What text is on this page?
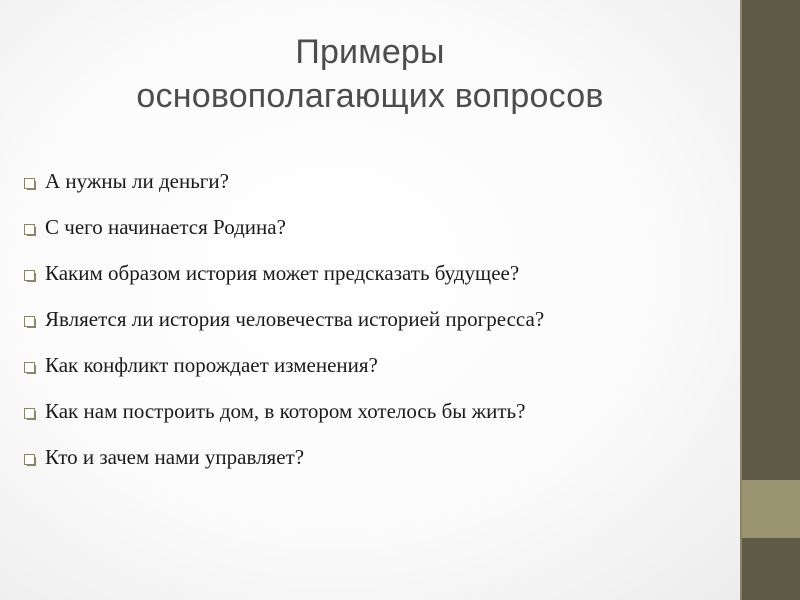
Примеры
основополагающих вопросов
А нужны ли деньги?
С чего начинается Родина?
Каким образом история может предсказать будущее?
Является ли история человечества историей прогресса?
Как конфликт порождает изменения?
Как нам построить дом, в котором хотелось бы жить?
Кто и зачем нами управляет?
